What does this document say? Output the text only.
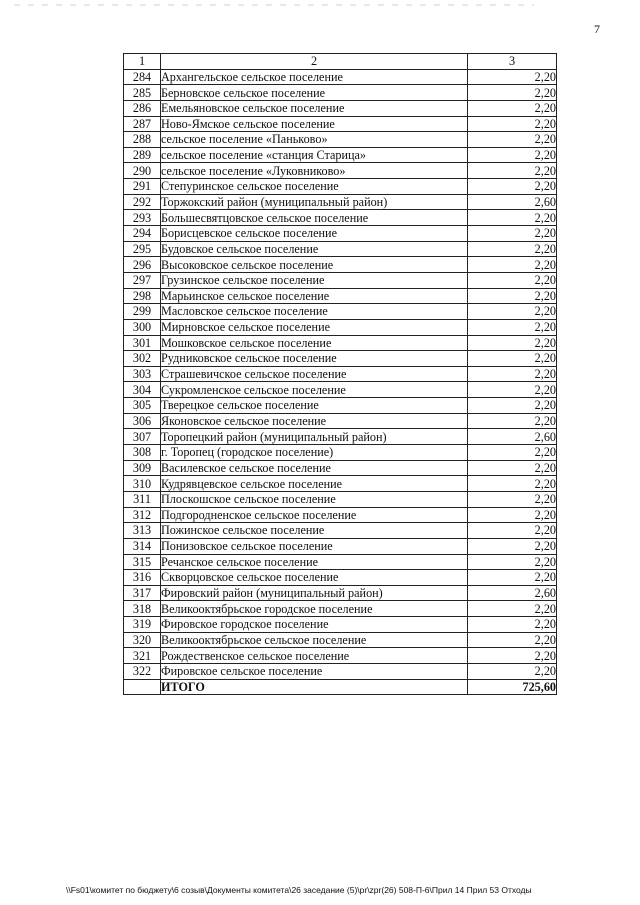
7
1	2	3
284	Архангельское сельское поселение	2,20
285	Берновское сельское поселение	2,20
286	Емельяновское сельское поселение	2,20
287	Ново-Ямское сельское поселение	2,20
288	сельское поселение «Паньково»	2,20
289	сельское поселение «станция Старица»	2,20
290	сельское поселение «Луковниково»	2,20
291	Степуринское сельское поселение	2,20
292	Торжокский район (муниципальный район)	2,60
293	Большесвятцовское сельское поселение	2,20
294	Борисцевское сельское поселение	2,20
295	Будовское сельское поселение	2,20
296	Высоковское сельское поселение	2,20
297	Грузинское сельское поселение	2,20
298	Марьинское сельское поселение	2,20
299	Масловское сельское поселение	2,20
300	Мирновское сельское поселение	2,20
301	Мошковское сельское поселение	2,20
302	Рудниковское сельское поселение	2,20
303	Страшевичское сельское поселение	2,20
304	Сукромленское сельское поселение	2,20
305	Тверецкое сельское поселение	2,20
306	Яконовское сельское поселение	2,20
307	Торопецкий район (муниципальный район)	2,60
308	г. Торопец (городское поселение)	2,20
309	Василевское сельское поселение	2,20
310	Кудрявцевское сельское поселение	2,20
311	Плоскошское сельское поселение	2,20
312	Подгородненское сельское поселение	2,20
313	Пожинское сельское поселение	2,20
314	Понизовское сельское поселение	2,20
315	Речанское сельское поселение	2,20
316	Скворцовское сельское поселение	2,20
317	Фировский район (муниципальный район)	2,60
318	Великооктябрьское городское поселение	2,20
319	Фировское городское поселение	2,20
320	Великооктябрьское сельское поселение	2,20
321	Рождественское сельское поселение	2,20
322	Фировское сельское поселение	2,20
	ИТОГО	725,60
\\Fs01\комитет по бюджету\6 созыв\Документы комитета\26 заседание (5)\pr\zpr(26) 508-П-6\Прил 14 Прил 53 Отходы
